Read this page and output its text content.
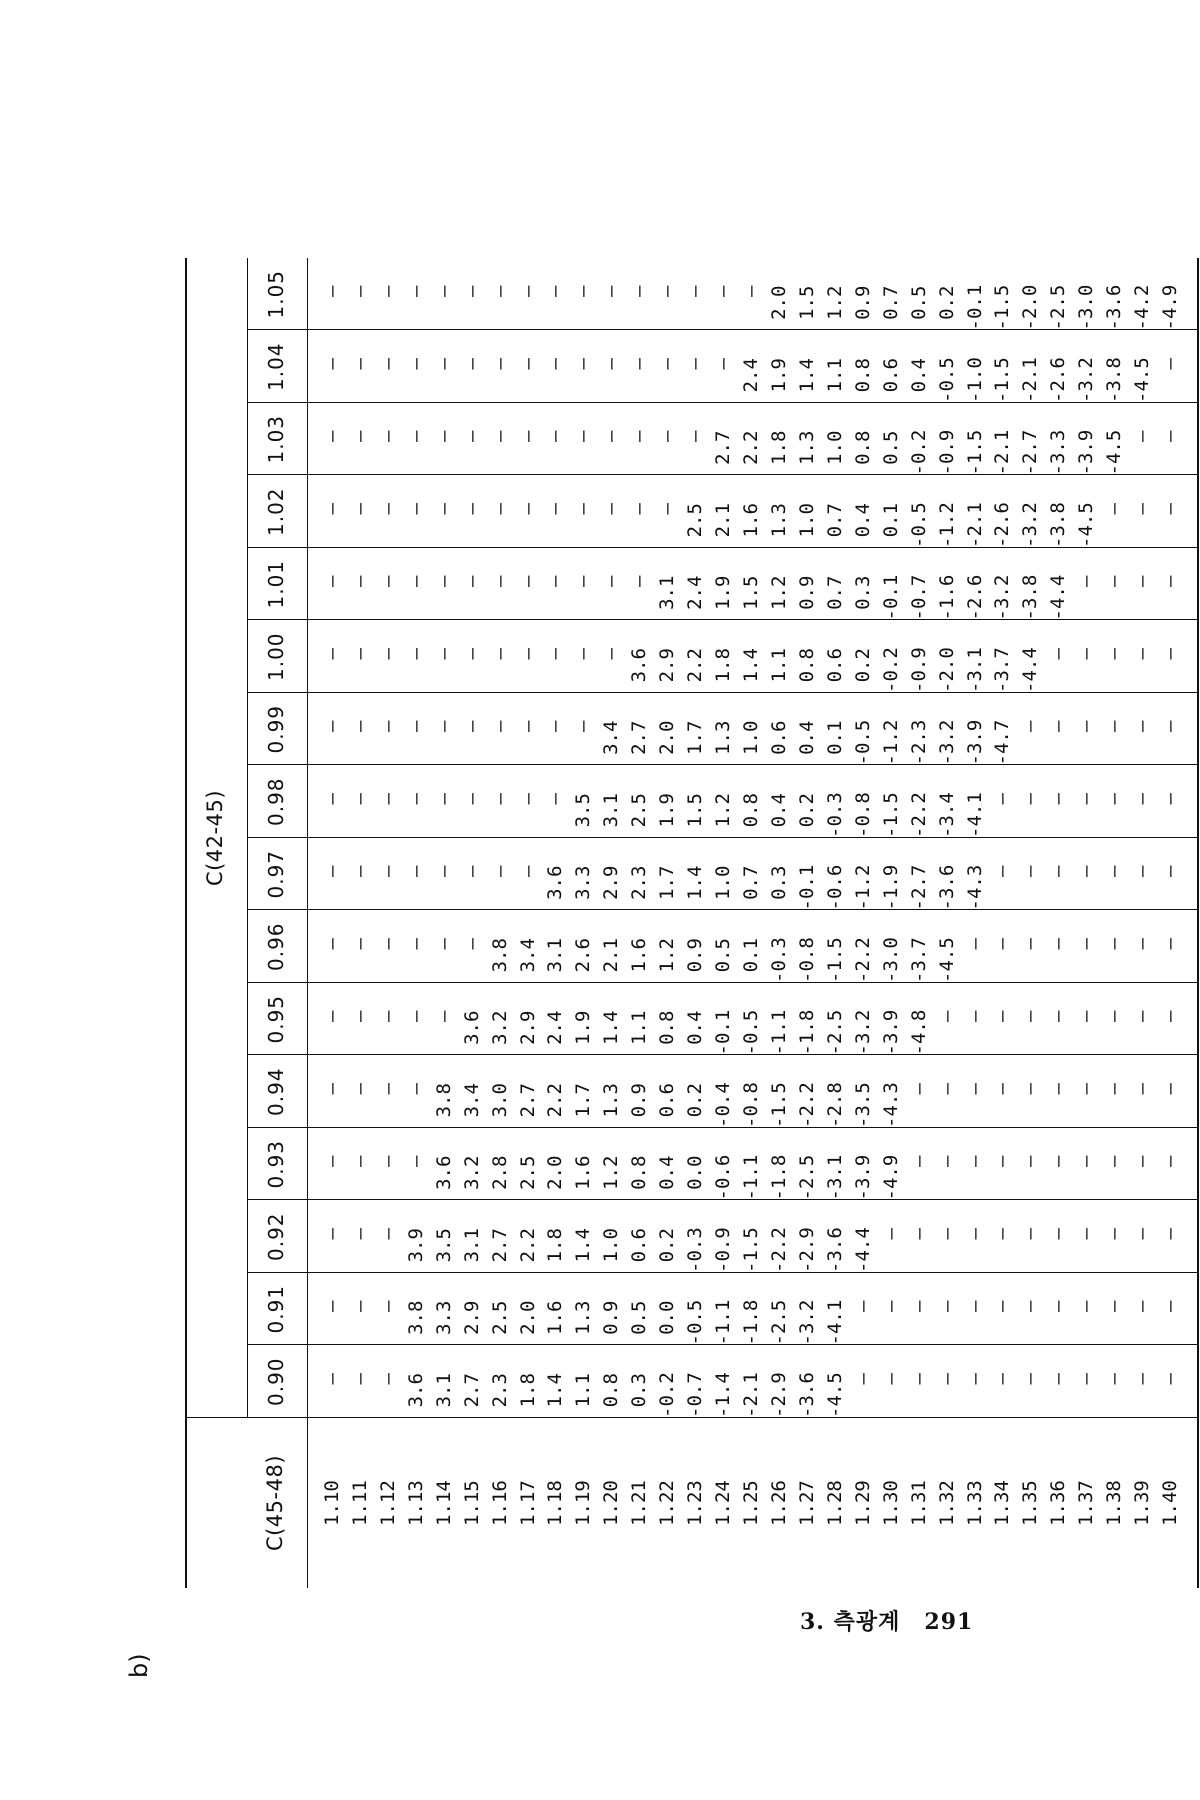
b)
C(45-48)
C(42-45)
0.90
0.91
0.92
0.93
0.94
0.95
0.96
0.97
0.98
0.99
1.00
1.01
1.02
1.03
1.04
1.05
1.10
—
—
—
—
—
—
—
—
—
—
—
—
—
—
—
—
1.11
—
—
—
—
—
—
—
—
—
—
—
—
—
—
—
—
1.12
—
—
—
—
—
—
—
—
—
—
—
—
—
—
—
—
1.13
3.6
3.8
3.9
—
—
—
—
—
—
—
—
—
—
—
—
—
1.14
3.1
3.3
3.5
3.6
3.8
—
—
—
—
—
—
—
—
—
—
—
1.15
2.7
2.9
3.1
3.2
3.4
3.6
—
—
—
—
—
—
—
—
—
—
1.16
2.3
2.5
2.7
2.8
3.0
3.2
3.8
—
—
—
—
—
—
—
—
—
1.17
1.8
2.0
2.2
2.5
2.7
2.9
3.4
—
—
—
—
—
—
—
—
—
1.18
1.4
1.6
1.8
2.0
2.2
2.4
3.1
3.6
—
—
—
—
—
—
—
—
1.19
1.1
1.3
1.4
1.6
1.7
1.9
2.6
3.3
3.5
—
—
—
—
—
—
—
1.20
0.8
0.9
1.0
1.2
1.3
1.4
2.1
2.9
3.1
3.4
—
—
—
—
—
—
1.21
0.3
0.5
0.6
0.8
0.9
1.1
1.6
2.3
2.5
2.7
3.6
—
—
—
—
—
1.22
-0.2
0.0
0.2
0.4
0.6
0.8
1.2
1.7
1.9
2.0
2.9
3.1
—
—
—
—
1.23
-0.7
-0.5
-0.3
0.0
0.2
0.4
0.9
1.4
1.5
1.7
2.2
2.4
2.5
—
—
—
1.24
-1.4
-1.1
-0.9
-0.6
-0.4
-0.1
0.5
1.0
1.2
1.3
1.8
1.9
2.1
2.7
—
—
1.25
-2.1
-1.8
-1.5
-1.1
-0.8
-0.5
0.1
0.7
0.8
1.0
1.4
1.5
1.6
2.2
2.4
—
1.26
-2.9
-2.5
-2.2
-1.8
-1.5
-1.1
-0.3
0.3
0.4
0.6
1.1
1.2
1.3
1.8
1.9
2.0
1.27
-3.6
-3.2
-2.9
-2.5
-2.2
-1.8
-0.8
-0.1
0.2
0.4
0.8
0.9
1.0
1.3
1.4
1.5
1.28
-4.5
-4.1
-3.6
-3.1
-2.8
-2.5
-1.5
-0.6
-0.3
0.1
0.6
0.7
0.7
1.0
1.1
1.2
1.29
—
—
-4.4
-3.9
-3.5
-3.2
-2.2
-1.2
-0.8
-0.5
0.2
0.3
0.4
0.8
0.8
0.9
1.30
—
—
—
-4.9
-4.3
-3.9
-3.0
-1.9
-1.5
-1.2
-0.2
-0.1
0.1
0.5
0.6
0.7
1.31
—
—
—
—
—
-4.8
-3.7
-2.7
-2.2
-2.3
-0.9
-0.7
-0.5
-0.2
0.4
0.5
1.32
—
—
—
—
—
—
-4.5
-3.6
-3.4
-3.2
-2.0
-1.6
-1.2
-0.9
-0.5
0.2
1.33
—
—
—
—
—
—
—
-4.3
-4.1
-3.9
-3.1
-2.6
-2.1
-1.5
-1.0
-0.1
1.34
—
—
—
—
—
—
—
—
—
-4.7
-3.7
-3.2
-2.6
-2.1
-1.5
-1.5
1.35
—
—
—
—
—
—
—
—
—
—
-4.4
-3.8
-3.2
-2.7
-2.1
-2.0
1.36
—
—
—
—
—
—
—
—
—
—
—
-4.4
-3.8
-3.3
-2.6
-2.5
1.37
—
—
—
—
—
—
—
—
—
—
—
—
-4.5
-3.9
-3.2
-3.0
1.38
—
—
—
—
—
—
—
—
—
—
—
—
—
-4.5
-3.8
-3.6
1.39
—
—
—
—
—
—
—
—
—
—
—
—
—
—
-4.5
-4.2
1.40
—
—
—
—
—
—
—
—
—
—
—
—
—
—
—
-4.9
3. 측광계 291
